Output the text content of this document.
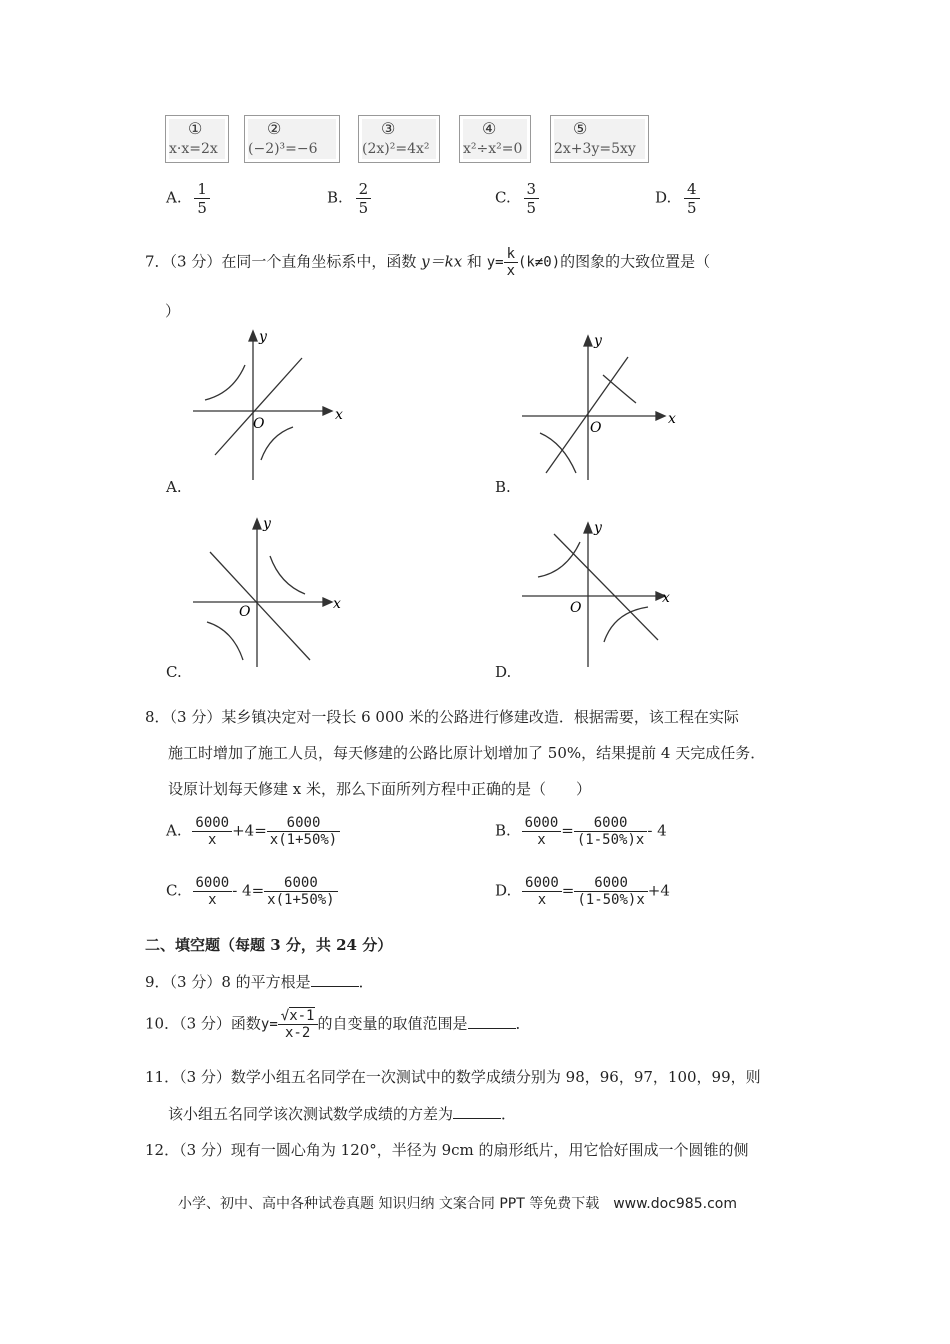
①
x·x=2x
②
(−2)³=−6
③
(2x)²=4x²
④
x²÷x²=0
⑤
2x+3y=5xy
A. $\frac{1}{5}$	B. $\frac{2}{5}$	C. $\frac{3}{5}$	D. $\frac{4}{5}$
7．（3 分）在同一个直角坐标系中，函数 y＝kx 和 $y= \frac{k}{x} (k\ne 0)$的图象的大致位置是（
）
x
y
O
A.
x
y
O
B.
x
y
O
C.
x
y
O
D.
8．（3 分）某乡镇决定对一段长 6 000 米的公路进行修建改造．根据需要，该工程在实际
施工时增加了施工人员，每天修建的公路比原计划增加了 50%，结果提前 4 天完成任务．
设原计划每天修建 x 米，那么下面所列方程中正确的是（　　）
A. $\frac{6000}{x} +4= \frac{6000}{x(1+50\%)}$	B. $\frac{6000}{x} = \frac{6000}{(1-50\%)x} - 4$
C. $\frac{6000}{x} - 4= \frac{6000}{x(1+50\%)}$	D. $\frac{6000}{x} = \frac{6000}{(1-50\%)x} +4$
二、填空题（每题 3 分，共 24 分）
9．（3 分）8 的平方根是	．
10．（3 分）函数$y= \frac{√x-1}{x-2}$ 的自变量的取值范围是	．
11．（3 分）数学小组五名同学在一次测试中的数学成绩分别为 98，96，97，100，99，则
该小组五名同学该次测试数学成绩的方差为	．
12．（3 分）现有一圆心角为 120°，半径为 9cm 的扇形纸片，用它恰好围成一个圆锥的侧
小学、初中、高中各种试卷真题 知识归纳 文案合同 PPT 等免费下载　www.doc985.com
